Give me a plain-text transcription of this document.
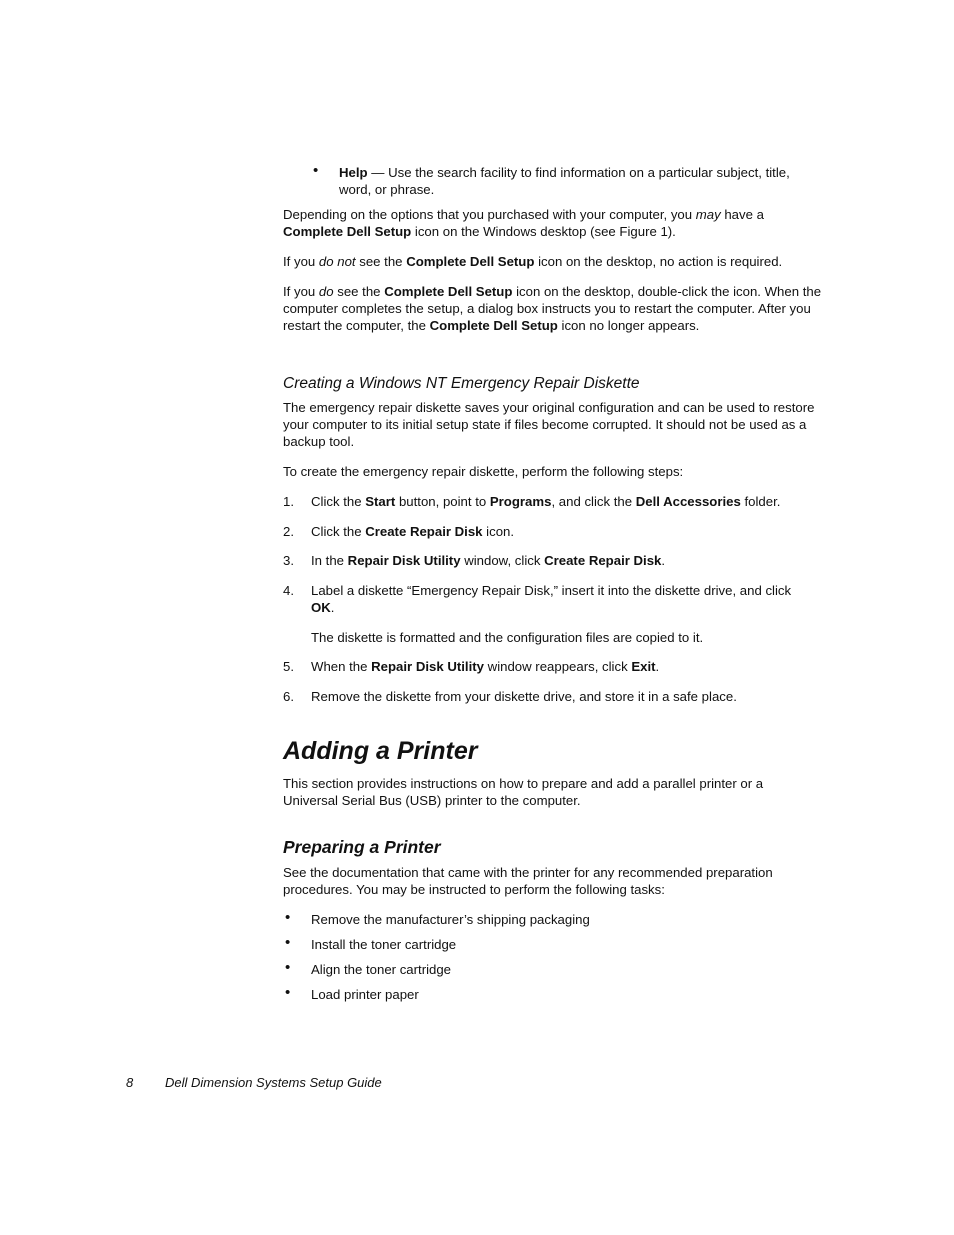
• Help — Use the search facility to find information on a particular subject, title, word, or phrase.

Depending on the options that you purchased with your computer, you may have a Complete Dell Setup icon on the Windows desktop (see Figure 1).

If you do not see the Complete Dell Setup icon on the desktop, no action is required.

If you do see the Complete Dell Setup icon on the desktop, double-click the icon. When the computer completes the setup, a dialog box instructs you to restart the computer. After you restart the computer, the Complete Dell Setup icon no longer appears.

Creating a Windows NT Emergency Repair Diskette

The emergency repair diskette saves your original configuration and can be used to restore your computer to its initial setup state if files become corrupted. It should not be used as a backup tool.

To create the emergency repair diskette, perform the following steps:

1. Click the Start button, point to Programs, and click the Dell Accessories folder.
2. Click the Create Repair Disk icon.
3. In the Repair Disk Utility window, click Create Repair Disk.
4. Label a diskette “Emergency Repair Disk,” insert it into the diskette drive, and click OK.
The diskette is formatted and the configuration files are copied to it.
5. When the Repair Disk Utility window reappears, click Exit.
6. Remove the diskette from your diskette drive, and store it in a safe place.
Adding a Printer

This section provides instructions on how to prepare and add a parallel printer or a Universal Serial Bus (USB) printer to the computer.

Preparing a Printer

See the documentation that came with the printer for any recommended preparation procedures. You may be instructed to perform the following tasks:

• Remove the manufacturer’s shipping packaging
• Install the toner cartridge
• Align the toner cartridge
• Load printer paper
8 Dell Dimension Systems Setup Guide
